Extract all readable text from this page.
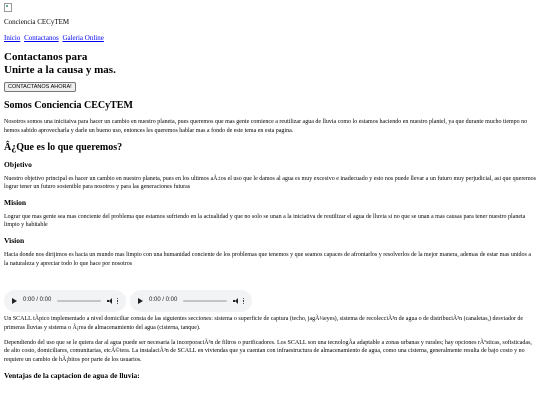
Conciencia CECyTEM
Inicio Contactanos Galeria Online
Contactanos para
Unirte a la causa y mas.
CONTACTANOS AHORA!
Somos Conciencia CECyTEM

Nosotros somos una inicitaiva para hacer un cambio en nuestro planeta, pues queremos que mas gente comience a reutilizar agua de lluvia como lo estamos haciendo en nuestro plantel, ya que durante mucho tiempo no hemos sabido aprovecharla y darle un bueno uso, entonces les queremos hablar mas a fondo de este tema en esta pagina.

Â¿Que es lo que queremos?
Objetivo

Nuestro objetivo principal es hacer un cambio en nuestro planeta, pues en los ultimos aÃ±os el uso que le damos al agua es muy excesivo e inadecuado y esto nos puede llevar a un futuro muy perjudicial, asi que queremos lograr tener un futuro sostenible para nosotros y para las generaciones futuras

Mision

Lograr que mas gente sea mas conciente del problema que estamos sufriendo en la actualidad y que no solo se unan a la iniciativa de reutilizar el agua de lluvia si no que se unan a mas causas para tener nuestro planeta limpio y habitable

Vision

Hacia donde nos dirijimos es hacia un mundo mas limpio con una humanidad conciente de los problemas que tenemos y que seamos capaces de afrontarlos y resolverlos de la mejor manera, ademas de estar mas unidos a la naturaleza y apreciar todo lo que hace por nosotros

0:00 / 0:00	0:00 / 0:00

Un SCALL tÃpico implementado a nivel domiciliar consta de las siguientes secciones: sistema o superficie de captura (techo, jagÃ¼eyes), sistema de recolecciÃ³n de agua o de distribuciÃ³n (canaletas,) desviador de primeras lluvias y sistema o Ã¡rea de almacenamiento del agua (cisterna, tanque).

Dependiendo del uso que se le quiera dar al agua puede ser necesaria la incorporaciÃ³n de filtros o purificadores. Los SCALL son una tecnologÃa adaptable a zonas urbanas y rurales; hay opciones rÃºsticas, sofisticadas, de alto costo, domiciliares, comunitarias, etcÃ©tera. La instalaciÃ³n de SCALL en viviendas que ya cuentan con infraestructura de almacenamiento de agua, como una cisterna, generalmente resulta de bajo costo y no requiere un cambio de hÃ¡bitos por parte de los usuarios.

Ventajas de la captacion de agua de lluvia:
